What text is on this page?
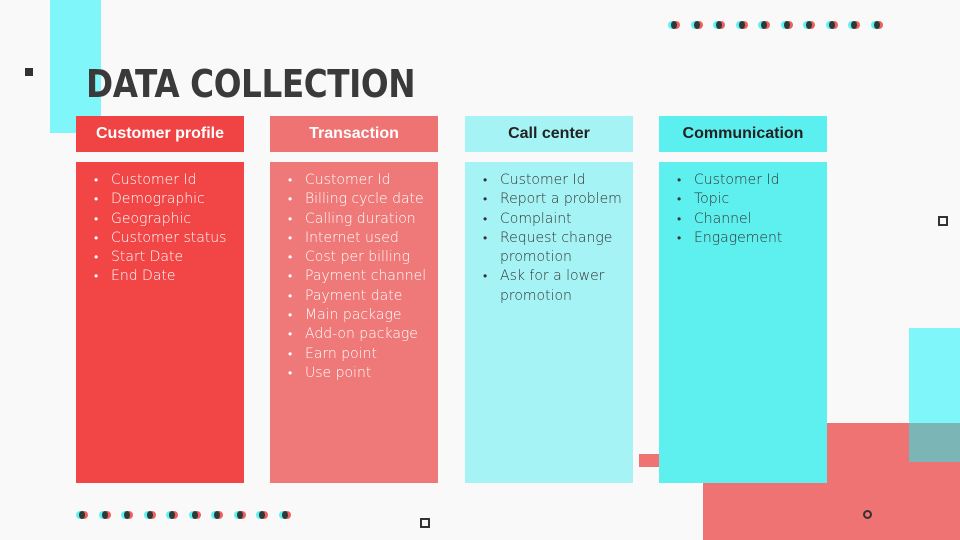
DATA COLLECTION
Customer profile
• Customer Id
• Demographic
• Geographic
• Customer status
• Start Date
• End Date
Transaction
• Customer Id
• Billing cycle date
• Calling duration
• Internet used
• Cost per billing
• Payment channel
• Payment date
• Main package
• Add-on package
• Earn point
• Use point
Call center
• Customer Id
• Report a problem
• Complaint
• Request change promotion
• Ask for a lower promotion
Communication
• Customer Id
• Topic
• Channel
• Engagement
